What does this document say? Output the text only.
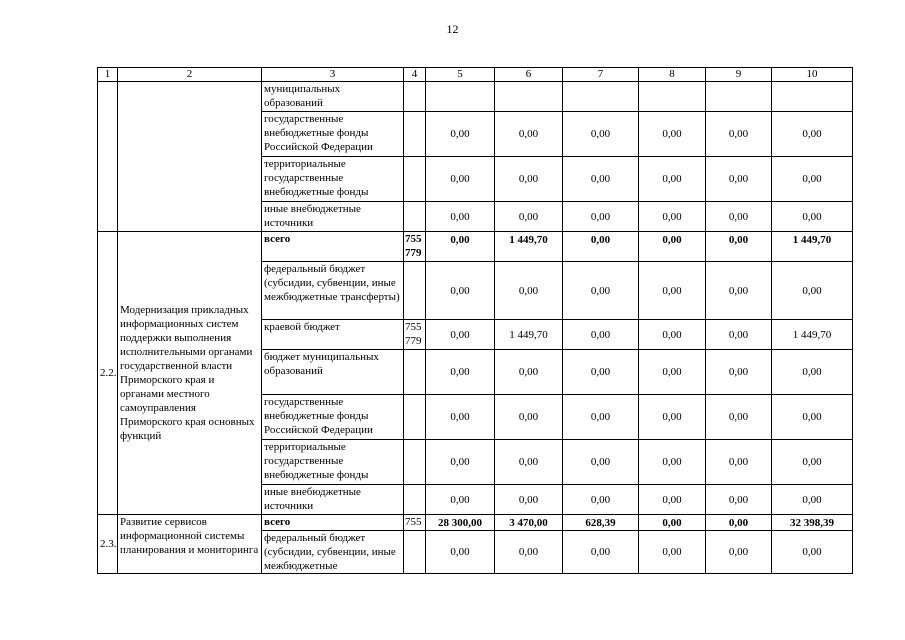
12
1	2	3	4	5	6	7	8	9	10
		муниципальных образований							
		государственные внебюджетные фонды Российской Федерации		0,00	0,00	0,00	0,00	0,00	0,00
		территориальные государственные внебюджетные фонды		0,00	0,00	0,00	0,00	0,00	0,00
		иные внебюджетные источники		0,00	0,00	0,00	0,00	0,00	0,00
2.2.	Модернизация прикладных информационных систем поддержки выполнения исполнительными органами государственной власти Приморского края и органами местного самоуправления Приморского края основных функций	всего	755 779	0,00	1 449,70	0,00	0,00	0,00	1 449,70
		федеральный бюджет (субсидии, субвенции, иные межбюджетные трансферты)		0,00	0,00	0,00	0,00	0,00	0,00
		краевой бюджет	755 779	0,00	1 449,70	0,00	0,00	0,00	1 449,70
		бюджет муниципальных образований		0,00	0,00	0,00	0,00	0,00	0,00
		государственные внебюджетные фонды Российской Федерации		0,00	0,00	0,00	0,00	0,00	0,00
		территориальные государственные внебюджетные фонды		0,00	0,00	0,00	0,00	0,00	0,00
		иные внебюджетные источники		0,00	0,00	0,00	0,00	0,00	0,00
2.3.	Развитие сервисов информационной системы планирования и мониторинга	всего	755	28 300,00	3 470,00	628,39	0,00	0,00	32 398,39
		федеральный бюджет (субсидии, субвенции, иные межбюджетные		0,00	0,00	0,00	0,00	0,00	0,00
